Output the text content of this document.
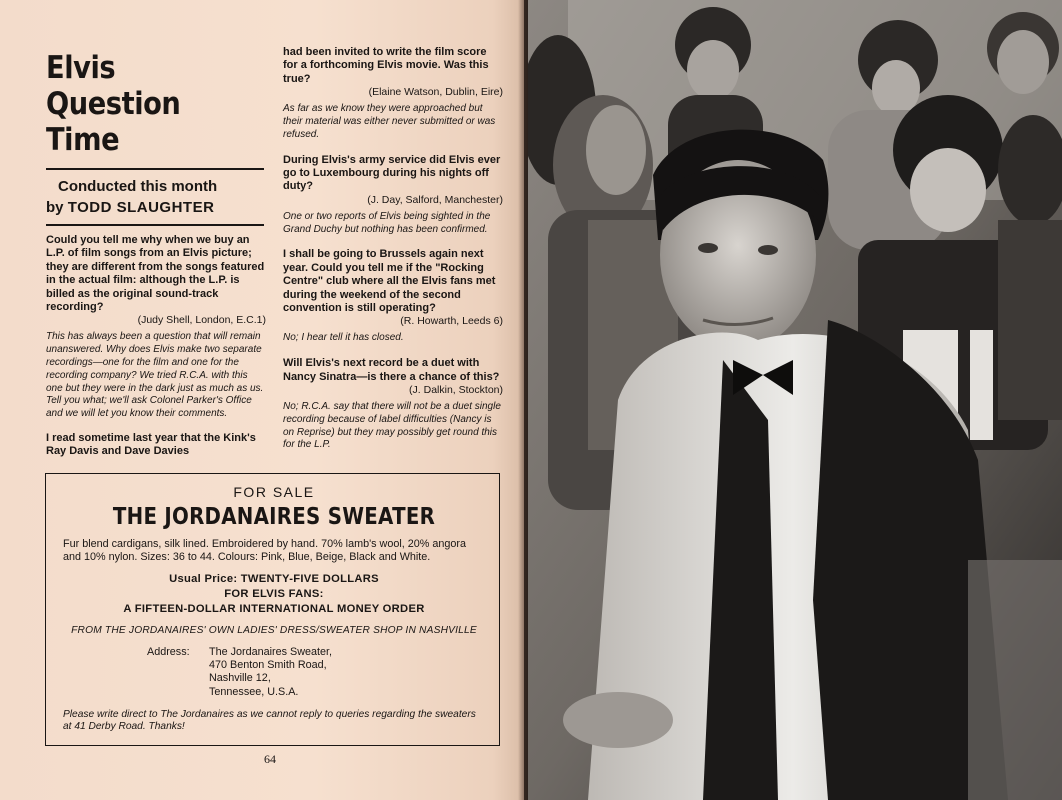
Elvis
Question
Time
Conducted this month
by TODD SLAUGHTER

Could you tell me why when we buy an L.P. of film songs from an Elvis picture; they are different from the songs featured in the actual film: although the L.P. is billed as the original sound-track recording?

(Judy Shell, London, E.C.1)

This has always been a question that will remain unanswered. Why does Elvis make two separate recordings—one for the film and one for the recording company? We tried R.C.A. with this one but they were in the dark just as much as us. Tell you what; we'll ask Colonel Parker's Office and we will let you know their comments.

I read sometime last year that the Kink's Ray Davis and Dave Davies

had been invited to write the film score for a forthcoming Elvis movie. Was this true?

(Elaine Watson, Dublin, Eire)

As far as we know they were approached but their material was either never submitted or was refused.

During Elvis's army service did Elvis ever go to Luxembourg during his nights off duty?

(J. Day, Salford, Manchester)

One or two reports of Elvis being sighted in the Grand Duchy but nothing has been confirmed.

I shall be going to Brussels again next year. Could you tell me if the "Rocking Centre" club where all the Elvis fans met during the weekend of the second convention is still operating?

(R. Howarth, Leeds 6)

No; I hear tell it has closed.

Will Elvis's next record be a duet with Nancy Sinatra—is there a chance of this?

(J. Dalkin, Stockton)

No; R.C.A. say that there will not be a duet single recording because of label difficulties (Nancy is on Reprise) but they may possibly get round this for the L.P.

FOR SALE

THE JORDANAIRES SWEATER

Fur blend cardigans, silk lined. Embroidered by hand. 70% lamb's wool, 20% angora and 10% nylon. Sizes: 36 to 44. Colours: Pink, Blue, Beige, Black and White.

Usual Price: TWENTY-FIVE DOLLARS

FOR ELVIS FANS:

A FIFTEEN-DOLLAR INTERNATIONAL MONEY ORDER

FROM THE JORDANAIRES' OWN LADIES' DRESS/SWEATER SHOP IN NASHVILLE

Address:	The Jordanaires Sweater,
470 Benton Smith Road,
Nashville 12,
Tennessee, U.S.A.

Please write direct to The Jordanaires as we cannot reply to queries regarding the sweaters at 41 Derby Road. Thanks!

64
